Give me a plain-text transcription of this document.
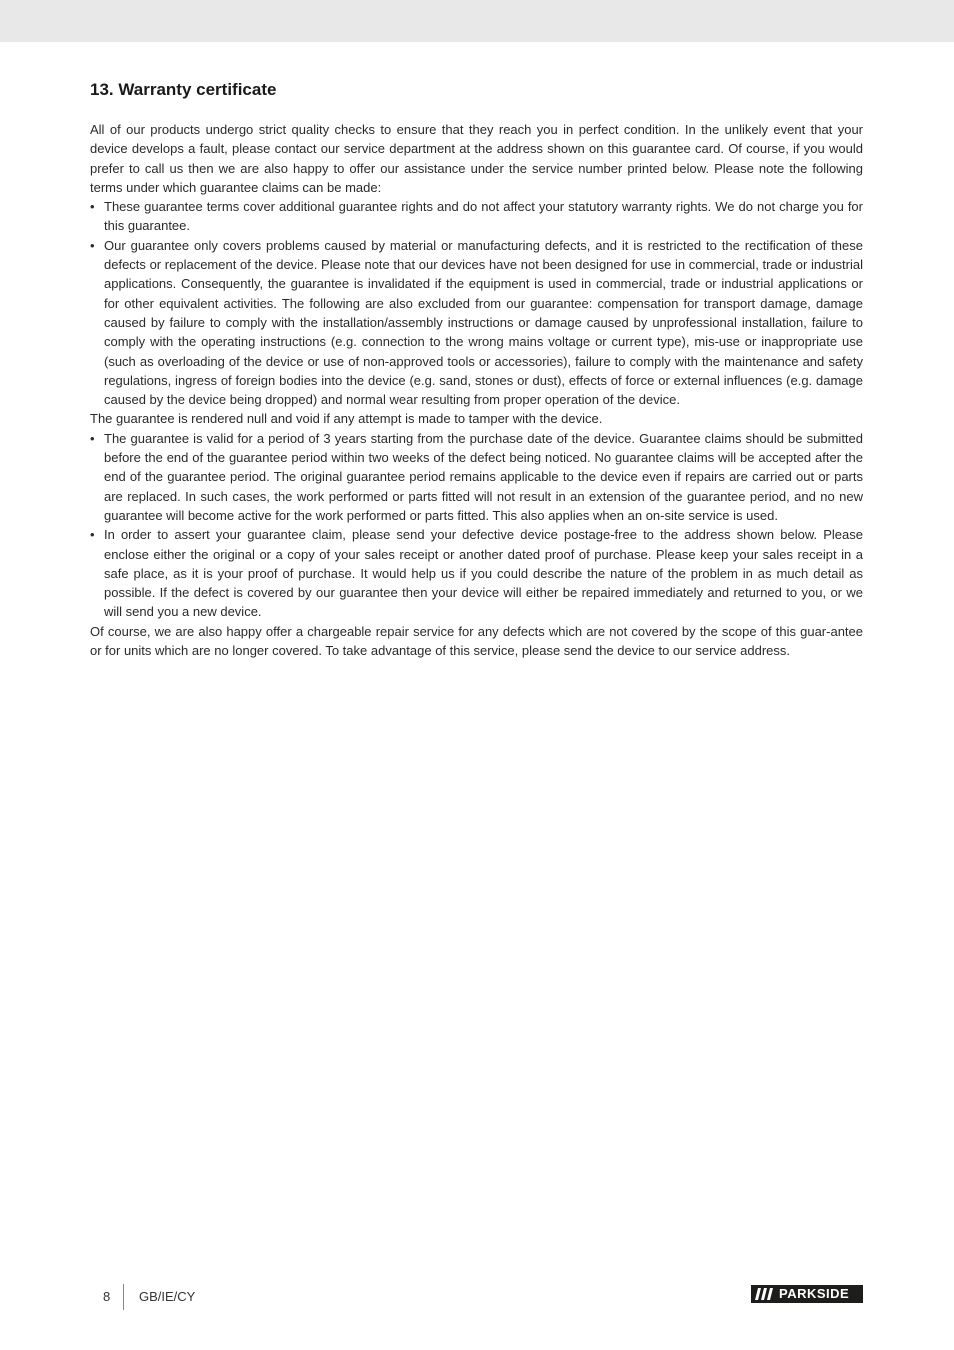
13. Warranty certificate

All of our products undergo strict quality checks to ensure that they reach you in perfect condition. In the unlikely event that your device develops a fault, please contact our service department at the address shown on this guarantee card. Of course, if you would prefer to call us then we are also happy to offer our assistance under the service number printed below. Please note the following terms under which guarantee claims can be made:

• These guarantee terms cover additional guarantee rights and do not affect your statutory warranty rights. We do not charge you for this guarantee.
• Our guarantee only covers problems caused by material or manufacturing defects, and it is restricted to the rectification of these defects or replacement of the device. Please note that our devices have not been designed for use in commercial, trade or industrial applications. Consequently, the guarantee is invalidated if the equipment is used in commercial, trade or industrial applications or for other equivalent activities. The following are also excluded from our guarantee: compensation for transport damage, damage caused by failure to comply with the installation/assembly instructions or damage caused by unprofessional installation, failure to comply with the operating instructions (e.g. connection to the wrong mains voltage or current type), mis-use or inappropriate use (such as overloading of the device or use of non-approved tools or accessories), failure to comply with the maintenance and safety regulations, ingress of foreign bodies into the device (e.g. sand, stones or dust), effects of force or external influences (e.g. damage caused by the device being dropped) and normal wear resulting from proper operation of the device.

The guarantee is rendered null and void if any attempt is made to tamper with the device.

• The guarantee is valid for a period of 3 years starting from the purchase date of the device. Guarantee claims should be submitted before the end of the guarantee period within two weeks of the defect being noticed. No guarantee claims will be accepted after the end of the guarantee period. The original guarantee period remains applicable to the device even if repairs are carried out or parts are replaced. In such cases, the work performed or parts fitted will not result in an extension of the guarantee period, and no new guarantee will become active for the work performed or parts fitted. This also applies when an on-site service is used.
• In order to assert your guarantee claim, please send your defective device postage-free to the address shown below. Please enclose either the original or a copy of your sales receipt or another dated proof of purchase. Please keep your sales receipt in a safe place, as it is your proof of purchase. It would help us if you could describe the nature of the problem in as much detail as possible. If the defect is covered by our guarantee then your device will either be repaired immediately and returned to you, or we will send you a new device.

Of course, we are also happy offer a chargeable repair service for any defects which are not covered by the scope of this guar-antee or for units which are no longer covered. To take advantage of this service, please send the device to our service address.

8 GB/IE/CY	PARKSIDE
